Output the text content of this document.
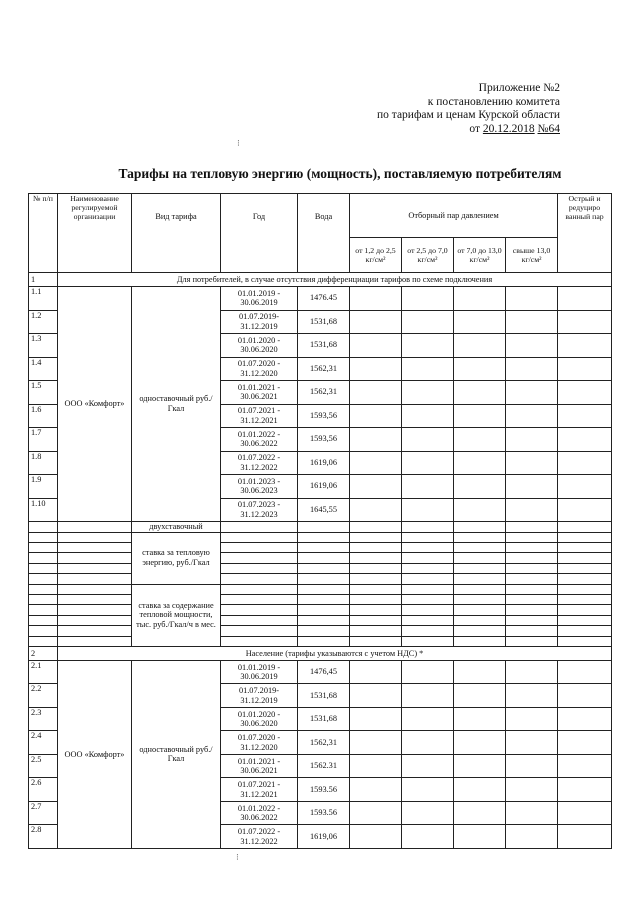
Приложение №2
к постановлению комитета
по тарифам и ценам Курской области
от 20.12.2018 №64
⁝
⁝
Тарифы на тепловую энергию (мощность), поставляемую потребителям
№ п/п	Наименование регулируемой организации	Вид тарифа	Год	Вода	Отборный пар давлением				Острый и редуциро ванный пар
					от 1,2 до 2,5 кг/см²	от 2,5 до 7,0 кг/см²	от 7,0 до 13,0 кг/см²	свыше 13,0 кг/см²	
1	Для потребителей, в случае отсутствия дифференциации тарифов по схеме подключения								
1.1	ООО «Комфорт»	одноставочный руб./Гкал	01.01.2019 - 30.06.2019	1476.45					
1.2			01.07.2019- 31.12.2019	1531,68					
1.3			01.01.2020 - 30.06.2020	1531,68					
1.4			01.07.2020 - 31.12.2020	1562,31					
1.5			01.01.2021 - 30.06.2021	1562,31					
1.6			01.07.2021 - 31.12.2021	1593,56					
1.7			01.01.2022 - 30.06.2022	1593,56					
1.8			01.07.2022 - 31.12.2022	1619,06					
1.9			01.01.2023 - 30.06.2023	1619,06					
1.10			01.07.2023 - 31.12.2023	1645,55					
		двухставочный							
		ставка за тепловую энергию, руб./Гкал							

		ставка за содержание тепловой мощности, тыс. руб./Гкал/ч в мес.							

2	Население (тарифы указываются с учетом НДС) *								
2.1	ООО «Комфорт»	одноставочный руб./Гкал	01.01.2019 - 30.06.2019	1476,45					
2.2			01.07.2019- 31.12.2019	1531,68					
2.3			01.01.2020 - 30.06.2020	1531,68					
2.4			01.07.2020 - 31.12.2020	1562,31					
2.5			01.01.2021 - 30.06.2021	1562.31					
2.6			01.07.2021 - 31.12.2021	1593.56					
2.7			01.01.2022 - 30.06.2022	1593.56					
2.8			01.07.2022 - 31.12.2022	1619,06					
